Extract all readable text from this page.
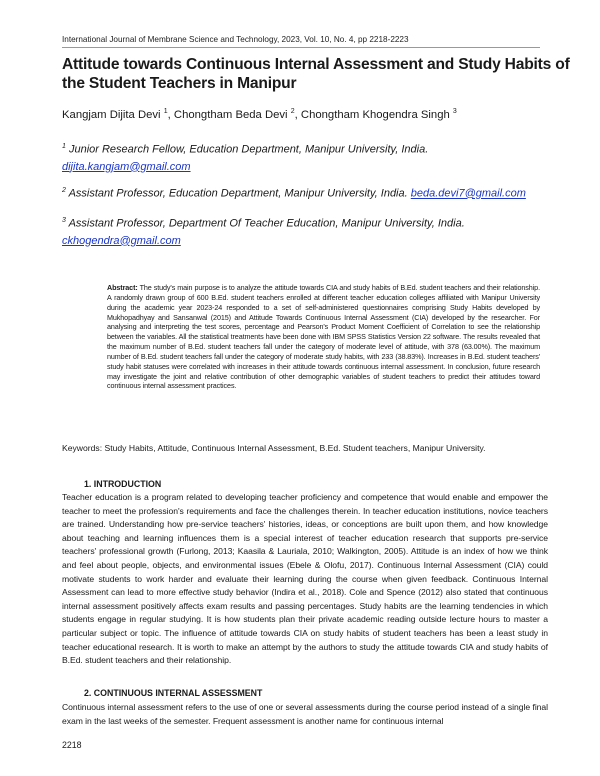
International Journal of Membrane Science and Technology, 2023, Vol. 10, No. 4, pp 2218-2223
Attitude towards Continuous Internal Assessment and Study Habits of the Student Teachers in Manipur
Kangjam Dijita Devi $^1$, Chongtham Beda Devi $^2$, Chongtham Khogendra Singh $^3$
$^1$ Junior Research Fellow, Education Department, Manipur University, India.
dijita.kangjam@gmail.com
$^2$ Assistant Professor, Education Department, Manipur University, India. beda.devi7@gmail.com
$^3$ Assistant Professor, Department Of Teacher Education, Manipur University, India.
ckhogendra@gmail.com
Abstract: The study's main purpose is to analyze the attitude towards CIA and study habits of B.Ed. student teachers and their relationship. A randomly drawn group of 600 B.Ed. student teachers enrolled at different teacher education colleges affiliated with Manipur University during the academic year 2023-24 responded to a set of self-administered questionnaires comprising Study Habits developed by Mukhopadhyay and Sansanwal (2015) and Attitude Towards Continuous Internal Assessment (CIA) developed by the researcher. For analysing and interpreting the test scores, percentage and Pearson's Product Moment Coefficient of Correlation to see the relationship between the variables. All the statistical treatments have been done with IBM SPSS Statistics Version 22 software. The results revealed that the maximum number of B.Ed. student teachers fall under the category of moderate level of attitude, with 378 (63.00%). The maximum number of B.Ed. student teachers fall under the category of moderate study habits, with 233 (38.83%). Increases in B.Ed. student teachers' study habit statuses were correlated with increases in their attitude towards continuous internal assessment. In conclusion, future research may investigate the joint and relative contribution of other demographic variables of student teachers to predict their attitudes toward continuous internal assessment practices.
Keywords: Study Habits, Attitude, Continuous Internal Assessment, B.Ed. Student teachers, Manipur University.
1. INTRODUCTION
Teacher education is a program related to developing teacher proficiency and competence that would enable and empower the teacher to meet the profession's requirements and face the challenges therein. In teacher education institutions, novice teachers are trained. Understanding how pre-service teachers' histories, ideas, or conceptions are built upon them, and how knowledge about teaching and learning influences them is a special interest of teacher education research that supports pre-service teachers' professional growth (Furlong, 2013; Kaasila & Lauriala, 2010; Walkington, 2005). Attitude is an index of how we think and feel about people, objects, and environmental issues (Ebele & Olofu, 2017). Continuous Internal Assessment (CIA) could motivate students to work harder and evaluate their learning during the course when given feedback. Continuous Internal Assessment can lead to more effective study behavior (Indira et al., 2018). Cole and Spence (2012) also stated that continuous internal assessment positively affects exam results and passing percentages. Study habits are the learning tendencies in which students engage in regular studying. It is how students plan their private academic reading outside lecture hours to master a particular subject or topic. The influence of attitude towards CIA on study habits of student teachers has been a least study in teacher educational research. It is worth to make an attempt by the authors to study the attitude towards CIA and study habits of B.Ed. student teachers and their relationship.
2. CONTINUOUS INTERNAL ASSESSMENT
Continuous internal assessment refers to the use of one or several assessments during the course period instead of a single final exam in the last weeks of the semester. Frequent assessment is another name for continuous internal
2218
